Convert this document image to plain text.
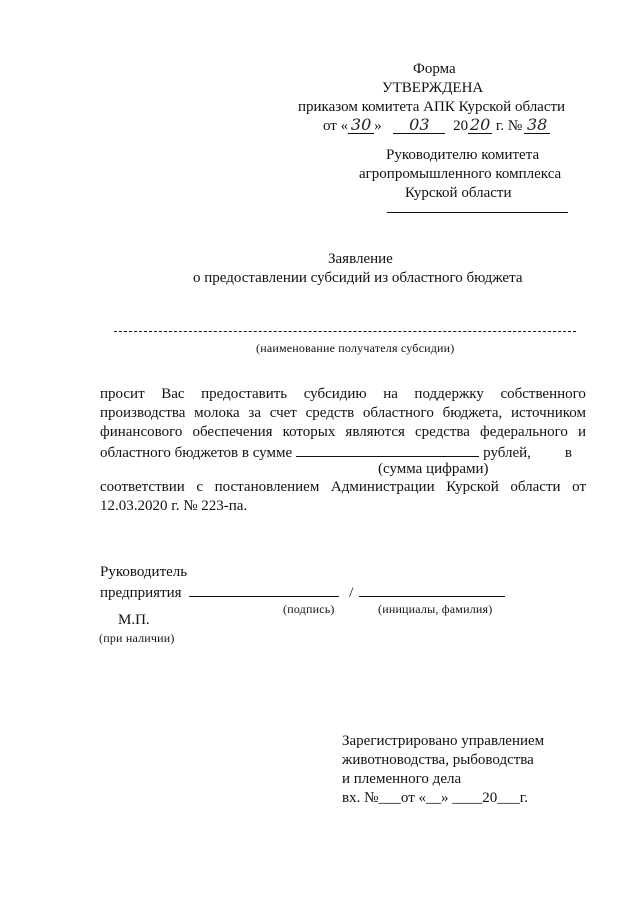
Форма
УТВЕРЖДЕНА
приказом комитета АПК Курской области
от « 30 » 03 20 20 г. № 38
Руководителю комитета
агропромышленного комплекса
Курской области
Заявление
о предоставлении субсидий из областного бюджета
(наименование получателя субсидии)
просит Вас предоставить субсидию на поддержку собственного
производства молока за счет средств областного бюджета, источником
финансового обеспечения которых являются средства федерального и
областного бюджетов в сумме	рублей, в
(сумма цифрами)
соответствии с постановлением Администрации Курской области от
12.03.2020 г. № 223-па.
Руководитель
предприятия	/
(подпись)	(инициалы, фамилия)
М.П.
(при наличии)
Зарегистрировано управлением
животноводства, рыбоводства
и племенного дела
вх. №___от «__» ____20___г.
